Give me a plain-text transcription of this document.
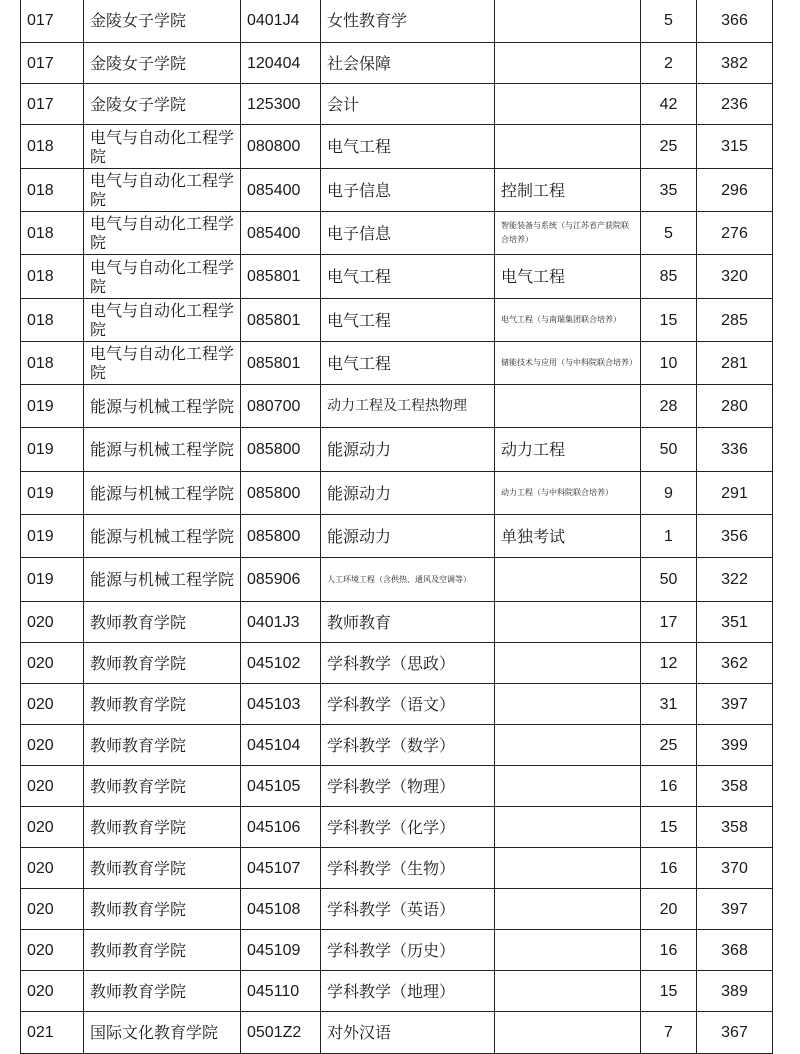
017	金陵女子学院	0401J4	女性教育学		5	366
017	金陵女子学院	120404	社会保障		2	382
017	金陵女子学院	125300	会计		42	236
018	电气与自动化工程学院	080800	电气工程		25	315
018	电气与自动化工程学院	085400	电子信息	控制工程	35	296
018	电气与自动化工程学院	085400	电子信息	智能装备与系统（与江苏省产获院联合培养）	5	276
018	电气与自动化工程学院	085801	电气工程	电气工程	85	320
018	电气与自动化工程学院	085801	电气工程	电气工程（与南瑞集团联合培养）	15	285
018	电气与自动化工程学院	085801	电气工程	储能技术与应用（与中科院联合培养）	10	281
019	能源与机械工程学院	080700	动力工程及工程热物理		28	280
019	能源与机械工程学院	085800	能源动力	动力工程	50	336
019	能源与机械工程学院	085800	能源动力	动力工程（与中科院联合培养）	9	291
019	能源与机械工程学院	085800	能源动力	单独考试	1	356
019	能源与机械工程学院	085906	人工环境工程（含供热、通风及空调等）		50	322
020	教师教育学院	0401J3	教师教育		17	351
020	教师教育学院	045102	学科教学（思政）		12	362
020	教师教育学院	045103	学科教学（语文）		31	397
020	教师教育学院	045104	学科教学（数学）		25	399
020	教师教育学院	045105	学科教学（物理）		16	358
020	教师教育学院	045106	学科教学（化学）		15	358
020	教师教育学院	045107	学科教学（生物）		16	370
020	教师教育学院	045108	学科教学（英语）		20	397
020	教师教育学院	045109	学科教学（历史）		16	368
020	教师教育学院	045110	学科教学（地理）		15	389
021	国际文化教育学院	0501Z2	对外汉语		7	367
